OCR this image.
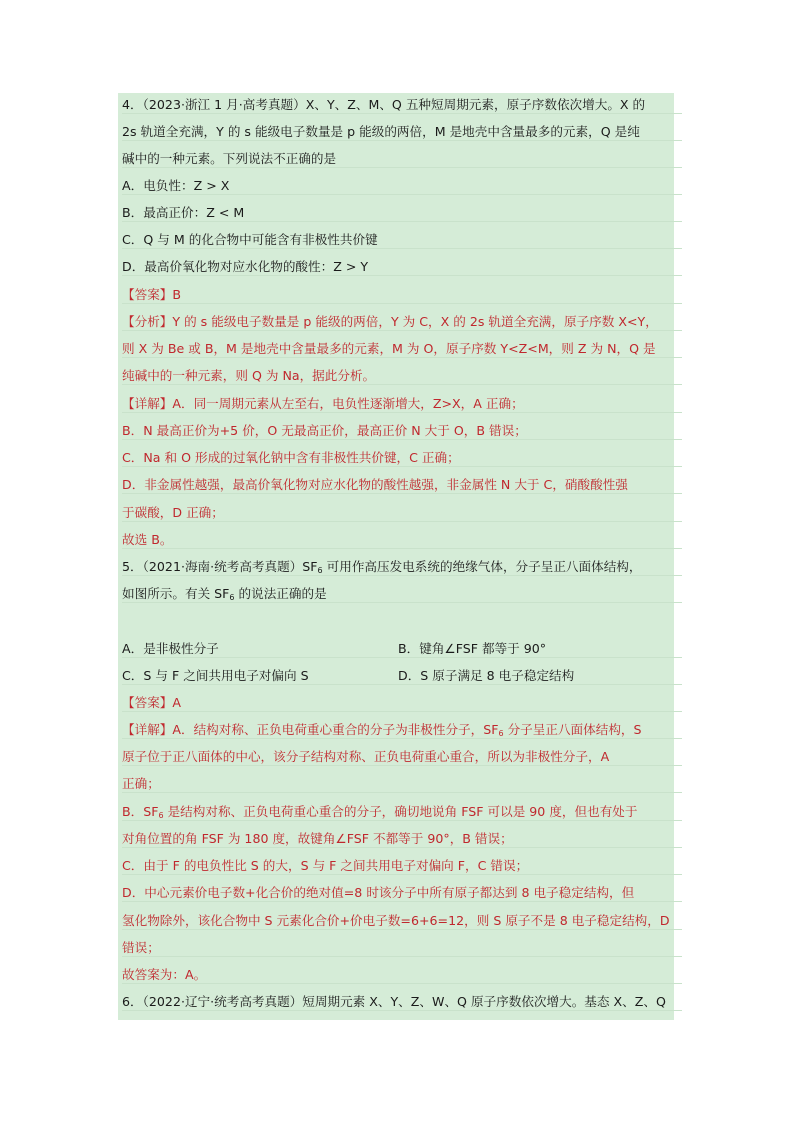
4．（2023·浙江 1 月·高考真题）X、Y、Z、M、Q 五种短周期元素，原子序数依次增大。X 的
2s 轨道全充满，Y 的 s 能级电子数量是 p 能级的两倍，M 是地壳中含量最多的元素，Q 是纯
碱中的一种元素。下列说法不正确的是
A．电负性：Z > X
B．最高正价：Z < M
C．Q 与 M 的化合物中可能含有非极性共价键
D．最高价氧化物对应水化物的酸性：Z > Y
【答案】B
【分析】Y 的 s 能级电子数量是 p 能级的两倍，Y 为 C，X 的 2s 轨道全充满，原子序数 X<Y，
则 X 为 Be 或 B，M 是地壳中含量最多的元素，M 为 O，原子序数 Y<Z<M，则 Z 为 N，Q 是
纯碱中的一种元素，则 Q 为 Na，据此分析。
【详解】A．同一周期元素从左至右，电负性逐渐增大，Z>X，A 正确；
B．N 最高正价为+5 价，O 无最高正价，最高正价 N 大于 O，B 错误；
C．Na 和 O 形成的过氧化钠中含有非极性共价键，C 正确；
D．非金属性越强，最高价氧化物对应水化物的酸性越强，非金属性 N 大于 C，硝酸酸性强
于碳酸，D 正确；
故选 B。
5．（2021·海南·统考高考真题）$SF_6$ 可用作高压发电系统的绝缘气体，分子呈正八面体结构，
如图所示。有关 $SF_6$ 的说法正确的是
A．是非极性分子	B．键角∠FSF 都等于 90°
C．S 与 F 之间共用电子对偏向 S	D．S 原子满足 8 电子稳定结构
【答案】A
【详解】A．结构对称、正负电荷重心重合的分子为非极性分子，$SF_6$ 分子呈正八面体结构，S
原子位于正八面体的中心，该分子结构对称、正负电荷重心重合，所以为非极性分子，A
正确；
B．$SF_6$ 是结构对称、正负电荷重心重合的分子，确切地说角 FSF 可以是 90 度，但也有处于
对角位置的角 FSF 为 180 度，故键角∠FSF 不都等于 90°，B 错误；
C．由于 F 的电负性比 S 的大，S 与 F 之间共用电子对偏向 F，C 错误；
D．中心元素价电子数+化合价的绝对值=8 时该分子中所有原子都达到 8 电子稳定结构，但
氢化物除外，该化合物中 S 元素化合价+价电子数=6+6=12，则 S 原子不是 8 电子稳定结构，D
错误；
故答案为：A。
6．（2022·辽宁·统考高考真题）短周期元素 X、Y、Z、W、Q 原子序数依次增大。基态 X、Z、Q
